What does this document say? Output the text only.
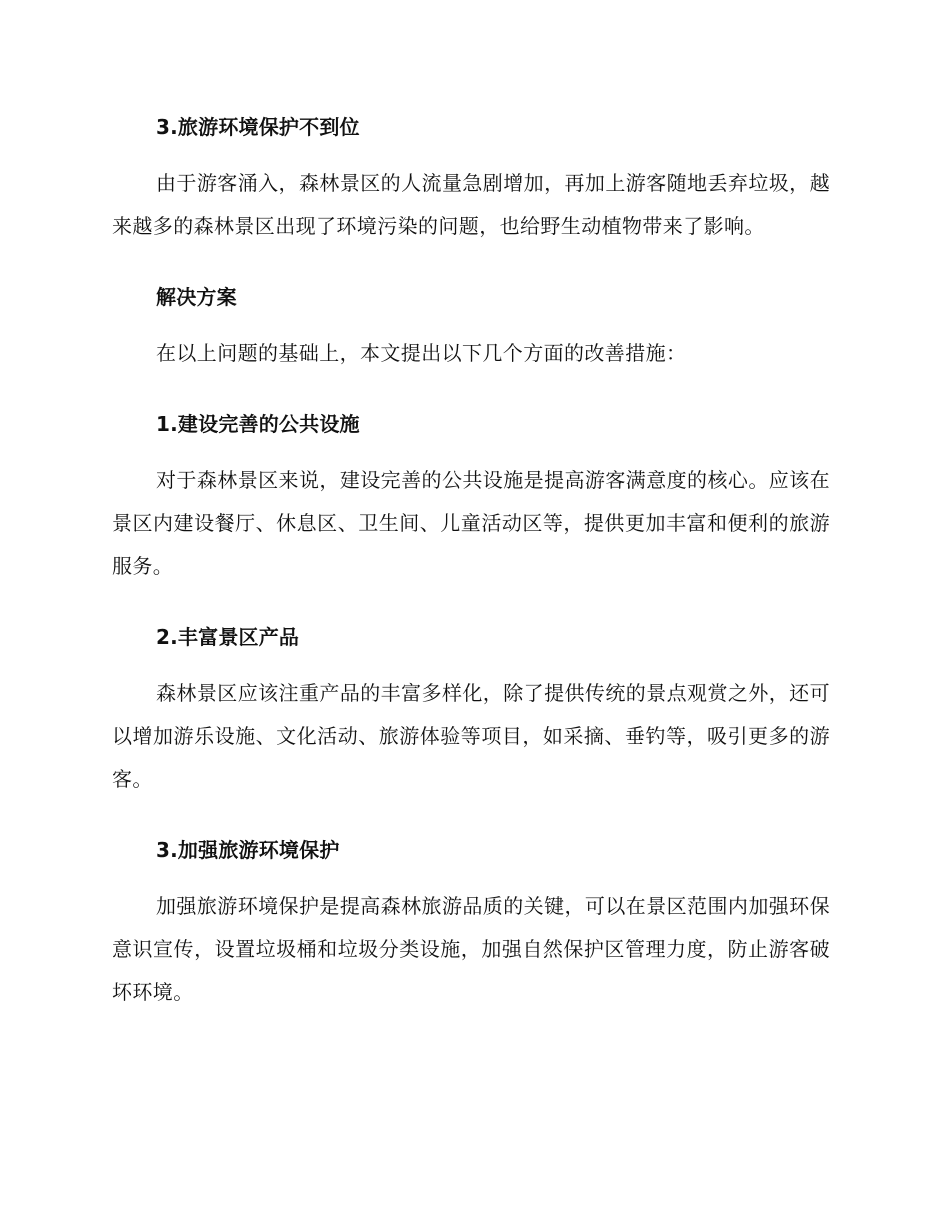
3.旅游环境保护不到位

由于游客涌入，森林景区的人流量急剧增加，再加上游客随地丢弃垃圾，越来越多的森林景区出现了环境污染的问题，也给野生动植物带来了影响。

解决方案

在以上问题的基础上，本文提出以下几个方面的改善措施：

1.建设完善的公共设施

对于森林景区来说，建设完善的公共设施是提高游客满意度的核心。应该在景区内建设餐厅、休息区、卫生间、儿童活动区等，提供更加丰富和便利的旅游服务。

2.丰富景区产品

森林景区应该注重产品的丰富多样化，除了提供传统的景点观赏之外，还可以增加游乐设施、文化活动、旅游体验等项目，如采摘、垂钓等，吸引更多的游客。

3.加强旅游环境保护

加强旅游环境保护是提高森林旅游品质的关键，可以在景区范围内加强环保意识宣传，设置垃圾桶和垃圾分类设施，加强自然保护区管理力度，防止游客破坏环境。
